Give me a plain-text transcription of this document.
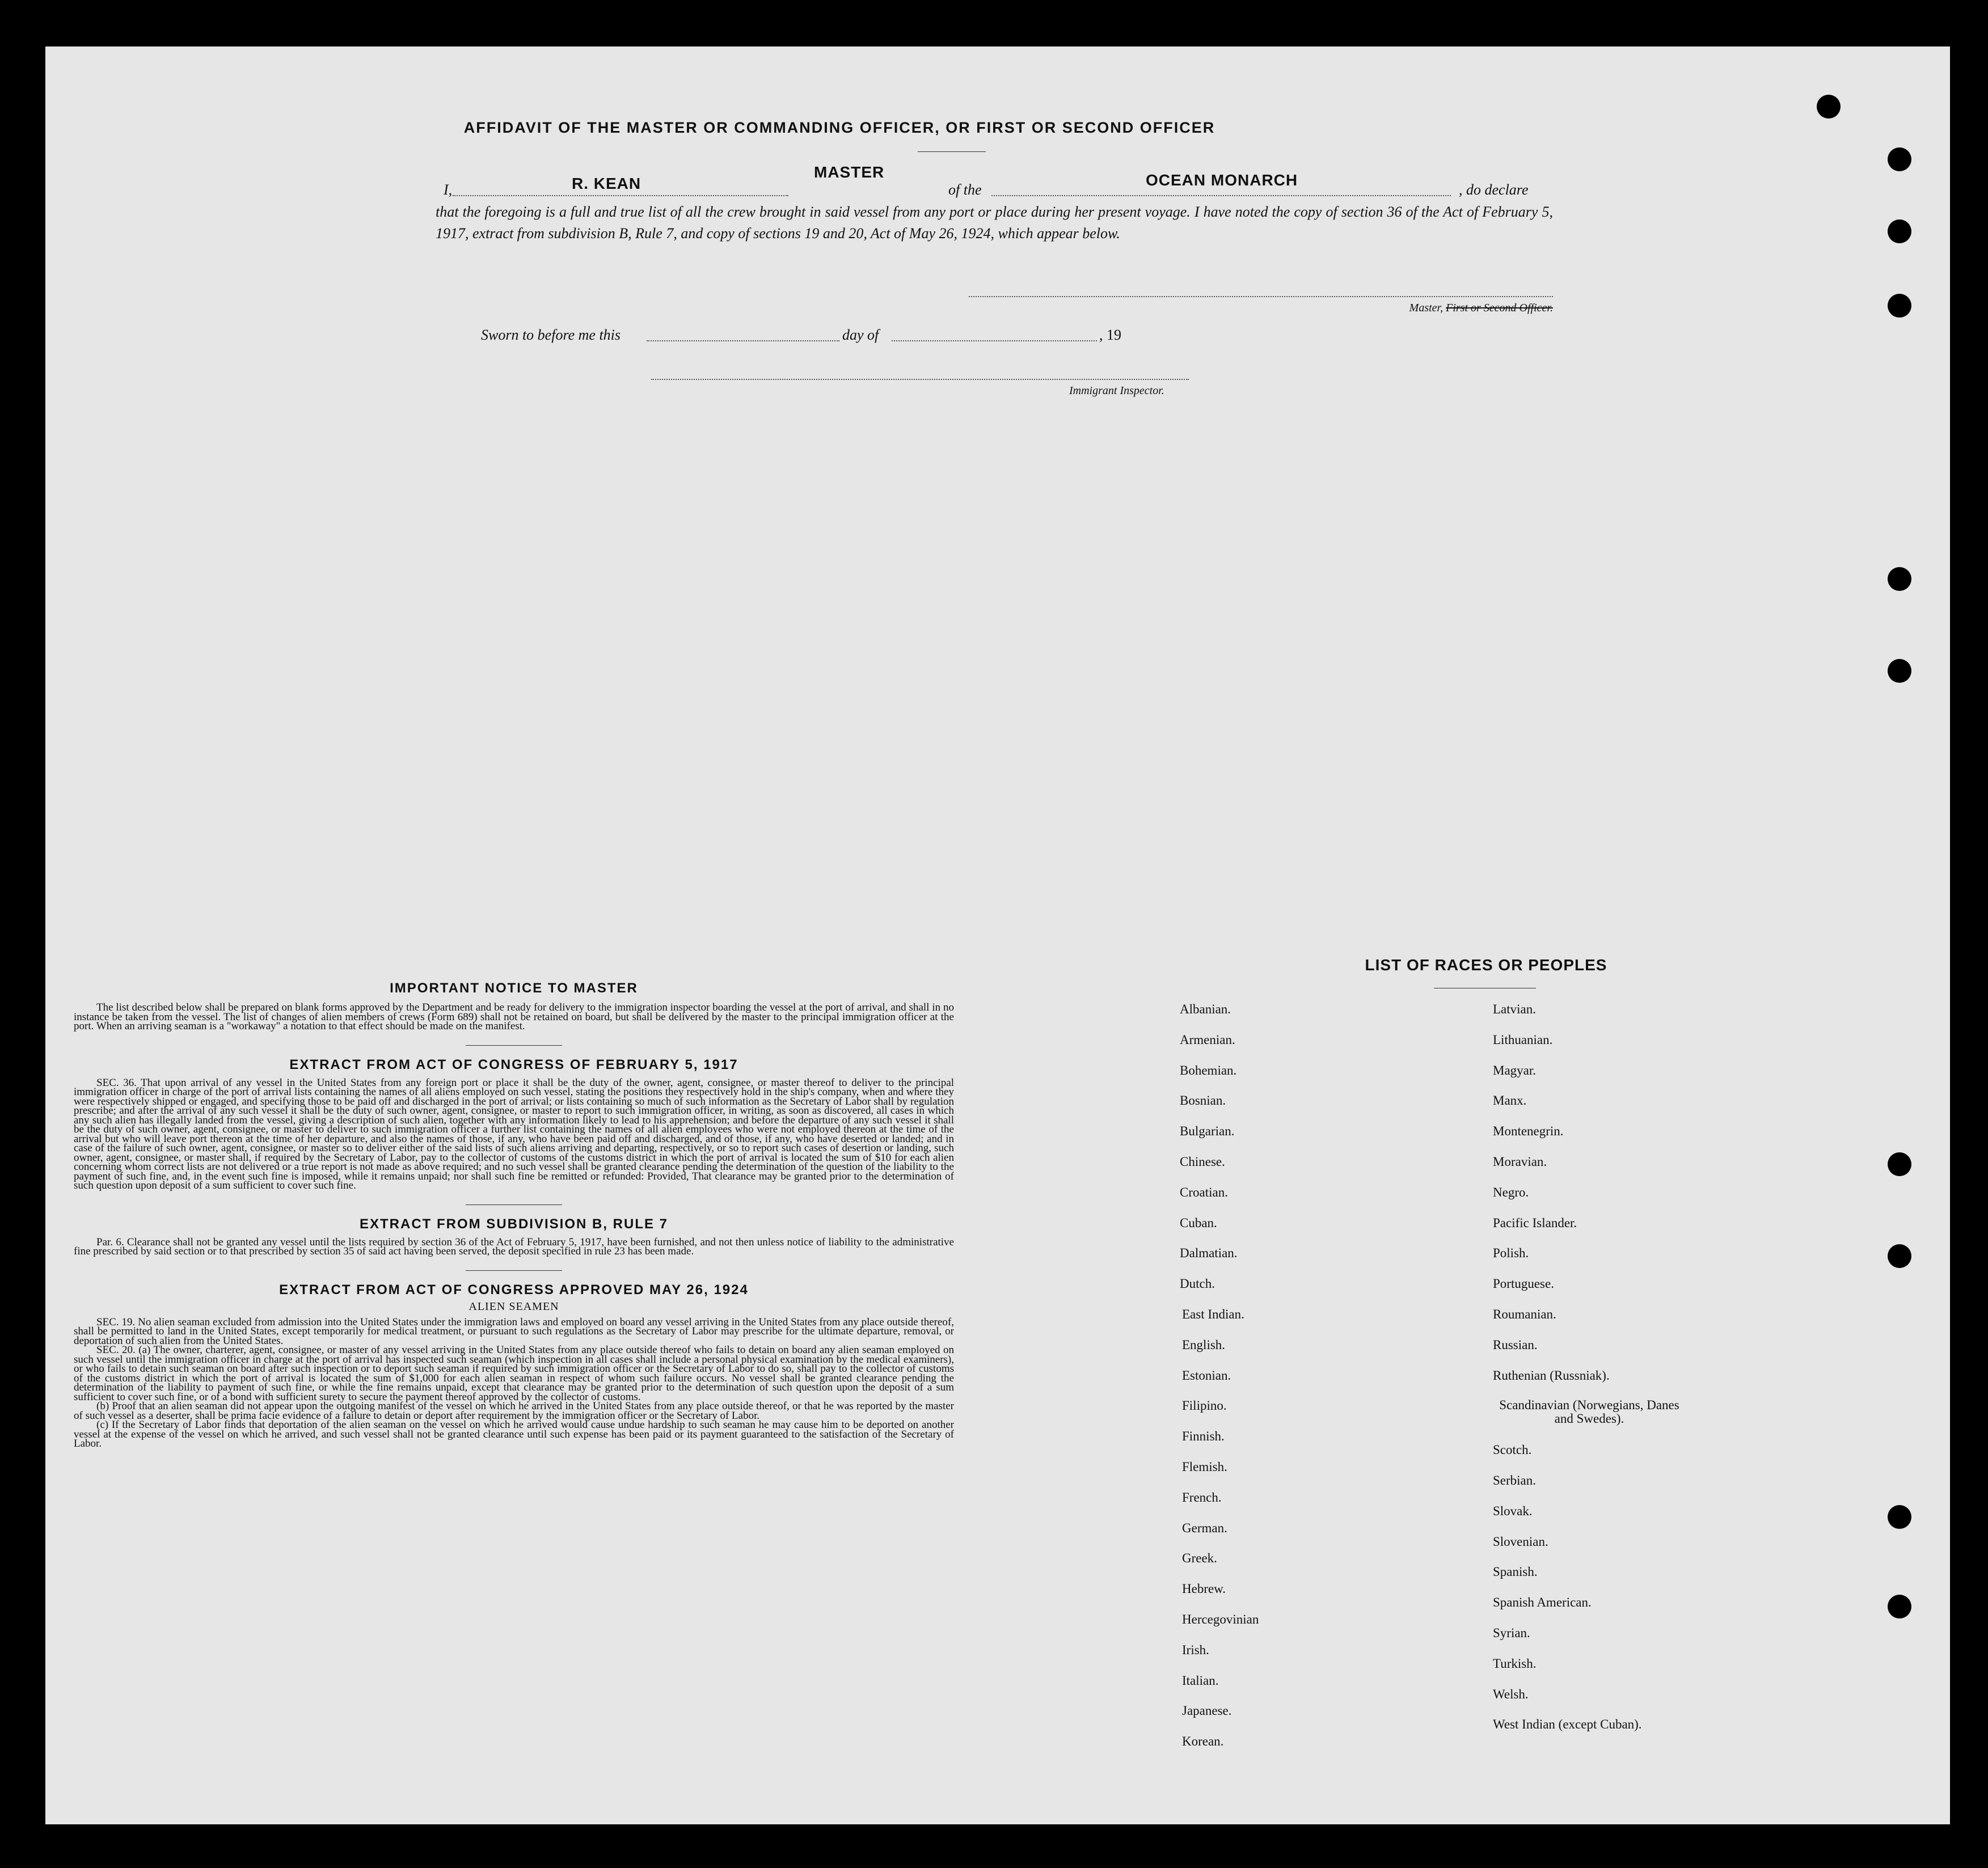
AFFIDAVIT OF THE MASTER OR COMMANDING OFFICER, OR FIRST OR SECOND OFFICER
I,	R. KEAN
MASTER
of the
OCEAN MONARCH
, do declare
that the foregoing is a full and true list of all the crew brought in said vessel from any port or place during her present voyage. I have noted the copy of section 36 of the Act of February 5, 1917, extract from subdivision B, Rule 7, and copy of sections 19 and 20, Act of May 26, 1924, which appear below.
Master, First or Second Officer.
Sworn to before me this	day of	, 19
Immigrant Inspector.
IMPORTANT NOTICE TO MASTER
The list described below shall be prepared on blank forms approved by the Department and be ready for delivery to the immigration inspector boarding the vessel at the port of arrival, and shall in no instance be taken from the vessel. The list of changes of alien members of crews (Form 689) shall not be retained on board, but shall be delivered by the master to the principal immigration officer at the port. When an arriving seaman is a "workaway" a notation to that effect should be made on the manifest.
EXTRACT FROM ACT OF CONGRESS OF FEBRUARY 5, 1917
SEC. 36. That upon arrival of any vessel in the United States from any foreign port or place it shall be the duty of the owner, agent, consignee, or master thereof to deliver to the principal immigration officer in charge of the port of arrival lists containing the names of all aliens employed on such vessel, stating the positions they respectively hold in the ship's company, when and where they were respectively shipped or engaged, and specifying those to be paid off and discharged in the port of arrival; or lists containing so much of such information as the Secretary of Labor shall by regulation prescribe; and after the arrival of any such vessel it shall be the duty of such owner, agent, consignee, or master to report to such immigration officer, in writing, as soon as discovered, all cases in which any such alien has illegally landed from the vessel, giving a description of such alien, together with any information likely to lead to his apprehension; and before the departure of any such vessel it shall be the duty of such owner, agent, consignee, or master to deliver to such immigration officer a further list containing the names of all alien employees who were not employed thereon at the time of the arrival but who will leave port thereon at the time of her departure, and also the names of those, if any, who have been paid off and discharged, and of those, if any, who have deserted or landed; and in case of the failure of such owner, agent, consignee, or master so to deliver either of the said lists of such aliens arriving and departing, respectively, or so to report such cases of desertion or landing, such owner, agent, consignee, or master shall, if required by the Secretary of Labor, pay to the collector of customs of the customs district in which the port of arrival is located the sum of $10 for each alien concerning whom correct lists are not delivered or a true report is not made as above required; and no such vessel shall be granted clearance pending the determination of the question of the liability to the payment of such fine, and, in the event such fine is imposed, while it remains unpaid; nor shall such fine be remitted or refunded: Provided, That clearance may be granted prior to the determination of such question upon deposit of a sum sufficient to cover such fine.
EXTRACT FROM SUBDIVISION B, RULE 7
Par. 6. Clearance shall not be granted any vessel until the lists required by section 36 of the Act of February 5, 1917, have been furnished, and not then unless notice of liability to the administrative fine prescribed by said section or to that prescribed by section 35 of said act having been served, the deposit specified in rule 23 has been made.
EXTRACT FROM ACT OF CONGRESS APPROVED MAY 26, 1924
ALIEN SEAMEN
SEC. 19. No alien seaman excluded from admission into the United States under the immigration laws and employed on board any vessel arriving in the United States from any place outside thereof, shall be permitted to land in the United States, except temporarily for medical treatment, or pursuant to such regulations as the Secretary of Labor may prescribe for the ultimate departure, removal, or deportation of such alien from the United States.
SEC. 20. (a) The owner, charterer, agent, consignee, or master of any vessel arriving in the United States from any place outside thereof who fails to detain on board any alien seaman employed on such vessel until the immigration officer in charge at the port of arrival has inspected such seaman (which inspection in all cases shall include a personal physical examination by the medical examiners), or who fails to detain such seaman on board after such inspection or to deport such seaman if required by such immigration officer or the Secretary of Labor to do so, shall pay to the collector of customs of the customs district in which the port of arrival is located the sum of $1,000 for each alien seaman in respect of whom such failure occurs. No vessel shall be granted clearance pending the determination of the liability to payment of such fine, or while the fine remains unpaid, except that clearance may be granted prior to the determination of such question upon the deposit of a sum sufficient to cover such fine, or of a bond with sufficient surety to secure the payment thereof approved by the collector of customs.
(b) Proof that an alien seaman did not appear upon the outgoing manifest of the vessel on which he arrived in the United States from any place outside thereof, or that he was reported by the master of such vessel as a deserter, shall be prima facie evidence of a failure to detain or deport after requirement by the immigration officer or the Secretary of Labor.
(c) If the Secretary of Labor finds that deportation of the alien seaman on the vessel on which he arrived would cause undue hardship to such seaman he may cause him to be deported on another vessel at the expense of the vessel on which he arrived, and such vessel shall not be granted clearance until such expense has been paid or its payment guaranteed to the satisfaction of the Secretary of Labor.
LIST OF RACES OR PEOPLES
Albanian.
Armenian.
Bohemian.
Bosnian.
Bulgarian.
Chinese.
Croatian.
Cuban.
Dalmatian.
Dutch.
East Indian.
English.
Estonian.
Filipino.
Finnish.
Flemish.
French.
German.
Greek.
Hebrew.
Hercegovinian
Irish.
Italian.
Japanese.
Korean.
Latvian.
Lithuanian.
Magyar.
Manx.
Montenegrin.
Moravian.
Negro.
Pacific Islander.
Polish.
Portuguese.
Roumanian.
Russian.
Ruthenian (Russniak).
Scandinavian (Norwegians, Danes and Swedes).
Scotch.
Serbian.
Slovak.
Slovenian.
Spanish.
Spanish American.
Syrian.
Turkish.
Welsh.
West Indian (except Cuban).
